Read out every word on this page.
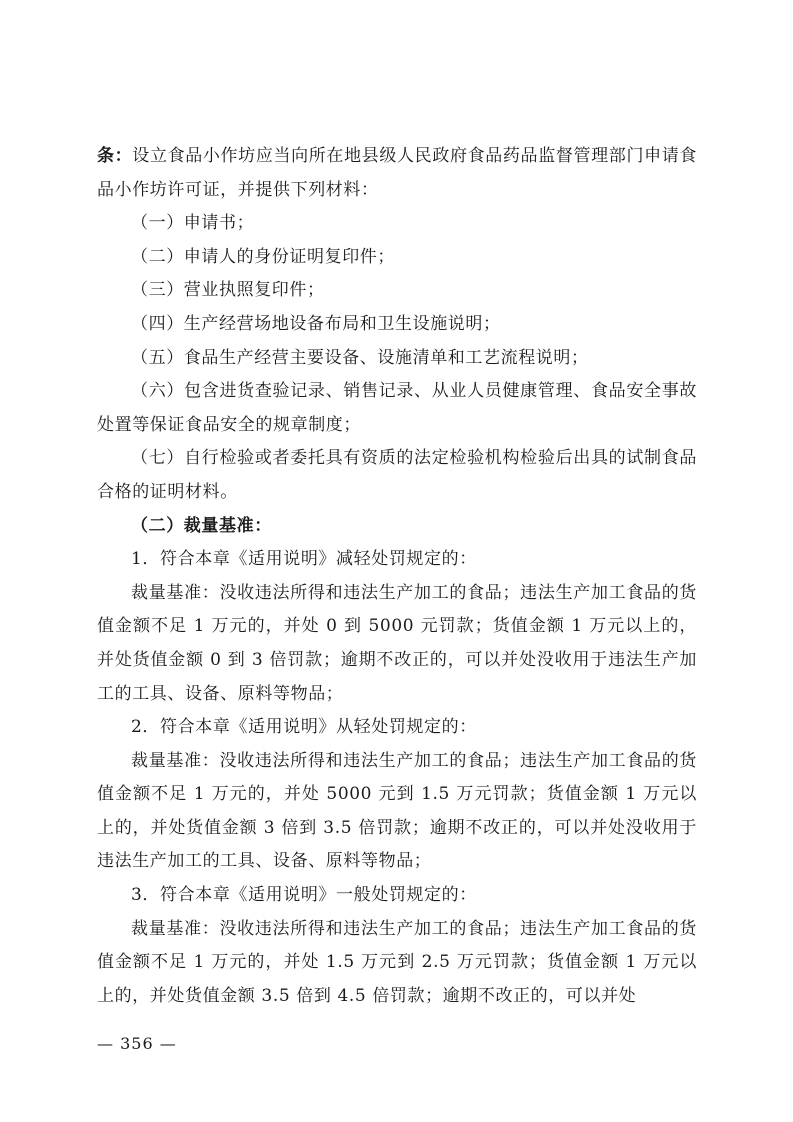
条：设立食品小作坊应当向所在地县级人民政府食品药品监督管理部门申请食品小作坊许可证，并提供下列材料：

（一）申请书；

（二）申请人的身份证明复印件；

（三）营业执照复印件；

（四）生产经营场地设备布局和卫生设施说明；

（五）食品生产经营主要设备、设施清单和工艺流程说明；

（六）包含进货查验记录、销售记录、从业人员健康管理、食品安全事故处置等保证食品安全的规章制度；

（七）自行检验或者委托具有资质的法定检验机构检验后出具的试制食品合格的证明材料。

（二）裁量基准：

1．符合本章《适用说明》减轻处罚规定的：

裁量基准：没收违法所得和违法生产加工的食品；违法生产加工食品的货值金额不足 1 万元的，并处 0 到 5000 元罚款；货值金额 1 万元以上的，并处货值金额 0 到 3 倍罚款；逾期不改正的，可以并处没收用于违法生产加工的工具、设备、原料等物品；

2．符合本章《适用说明》从轻处罚规定的：

裁量基准：没收违法所得和违法生产加工的食品；违法生产加工食品的货值金额不足 1 万元的，并处 5000 元到 1.5 万元罚款；货值金额 1 万元以上的，并处货值金额 3 倍到 3.5 倍罚款；逾期不改正的，可以并处没收用于违法生产加工的工具、设备、原料等物品；

3．符合本章《适用说明》一般处罚规定的：

裁量基准：没收违法所得和违法生产加工的食品；违法生产加工食品的货值金额不足 1 万元的，并处 1.5 万元到 2.5 万元罚款；货值金额 1 万元以上的，并处货值金额 3.5 倍到 4.5 倍罚款；逾期不改正的，可以并处

— 356 —
